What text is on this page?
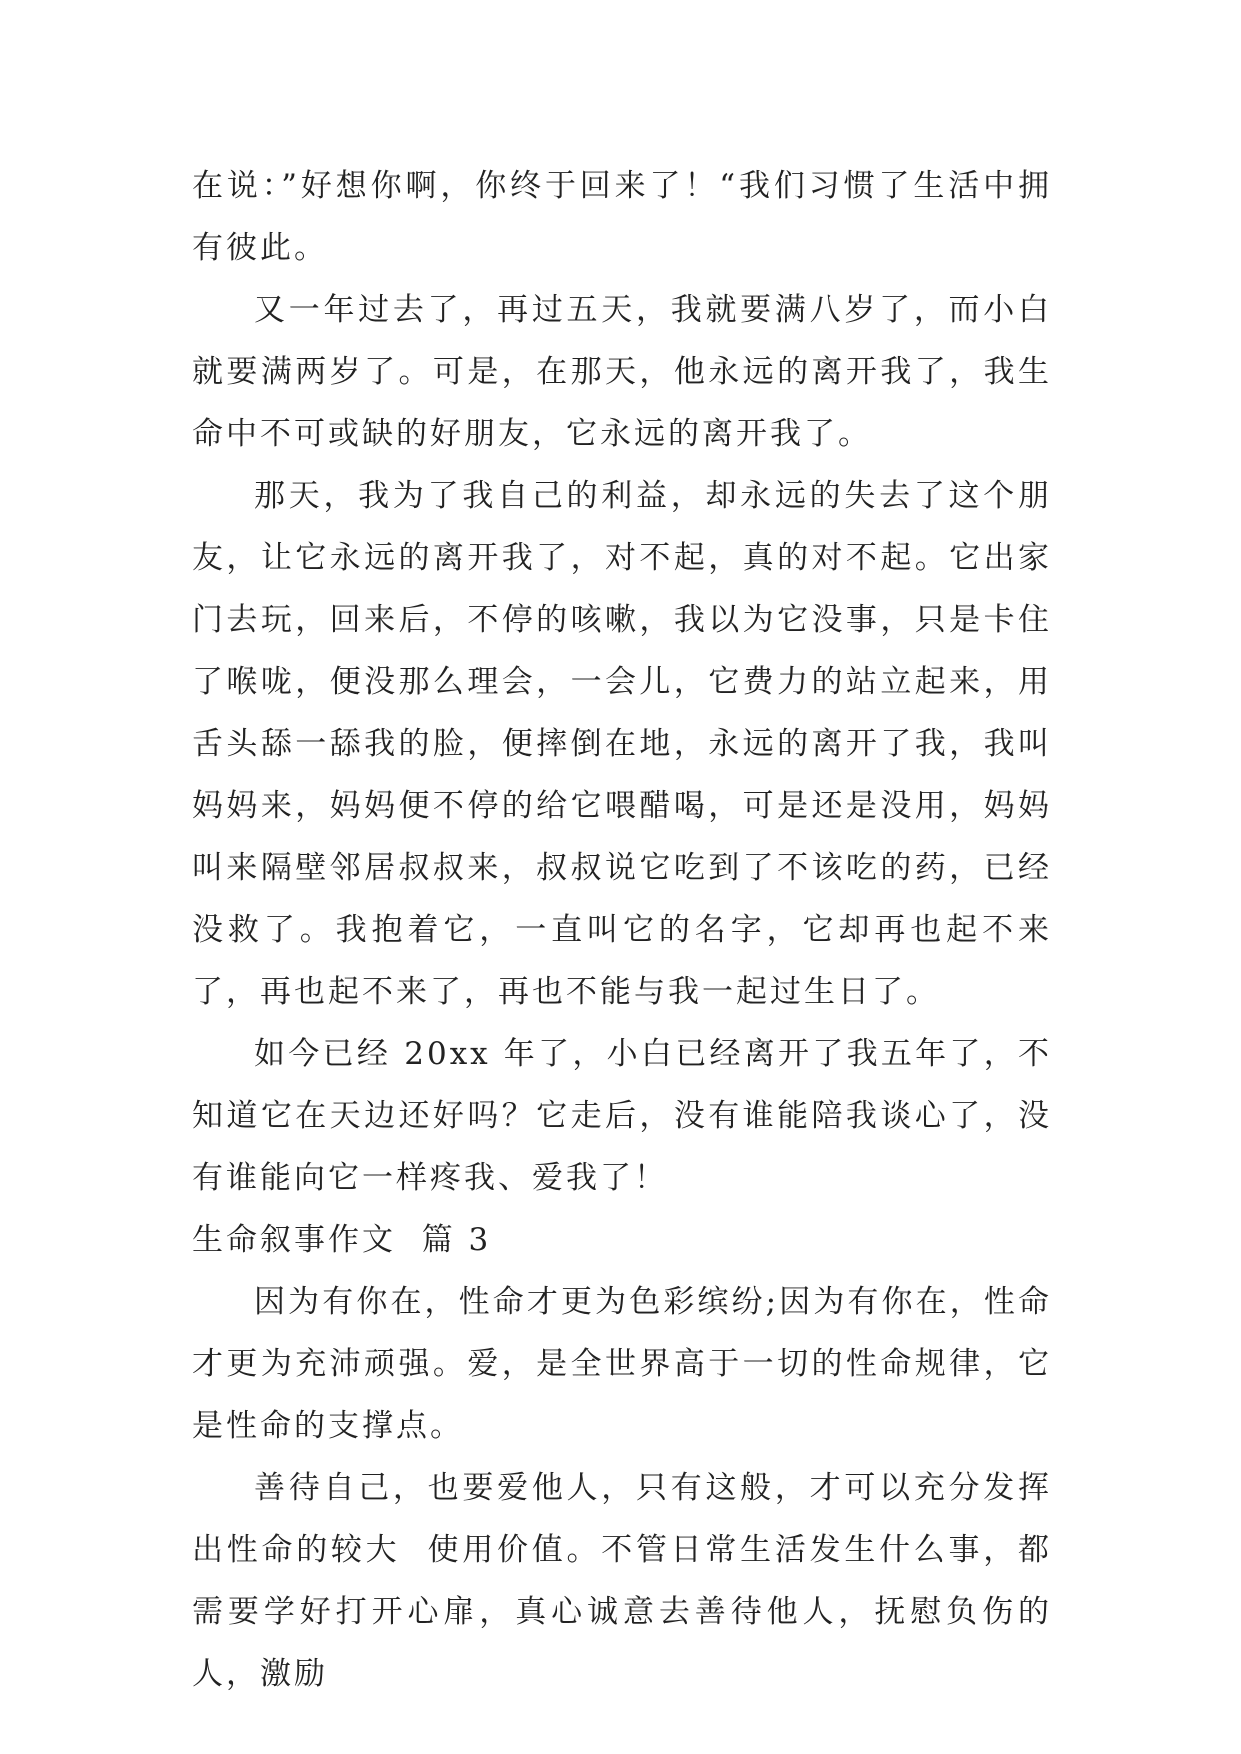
在说：”好想你啊，你终于回来了！“我们习惯了生活中拥有彼此。

又一年过去了，再过五天，我就要满八岁了，而小白就要满两岁了。可是，在那天，他永远的离开我了，我生命中不可或缺的好朋友，它永远的离开我了。

那天，我为了我自己的利益，却永远的失去了这个朋友，让它永远的离开我了，对不起，真的对不起。它出家门去玩，回来后，不停的咳嗽，我以为它没事，只是卡住了喉咙，便没那么理会，一会儿，它费力的站立起来，用舌头舔一舔我的脸，便摔倒在地，永远的离开了我，我叫妈妈来，妈妈便不停的给它喂醋喝，可是还是没用，妈妈叫来隔壁邻居叔叔来，叔叔说它吃到了不该吃的药，已经没救了。我抱着它，一直叫它的名字，它却再也起不来了，再也起不来了，再也不能与我一起过生日了。

如今已经 20xx 年了，小白已经离开了我五年了，不知道它在天边还好吗？它走后，没有谁能陪我谈心了，没有谁能向它一样疼我、爱我了！

生命叙事作文  篇 3

因为有你在，性命才更为色彩缤纷;因为有你在，性命才更为充沛顽强。爱，是全世界高于一切的性命规律，它是性命的支撑点。

善待自己，也要爱他人，只有这般，才可以充分发挥出性命的较大  使用价值。不管日常生活发生什么事，都需要学好打开心扉，真心诚意去善待他人，抚慰负伤的人，激励
